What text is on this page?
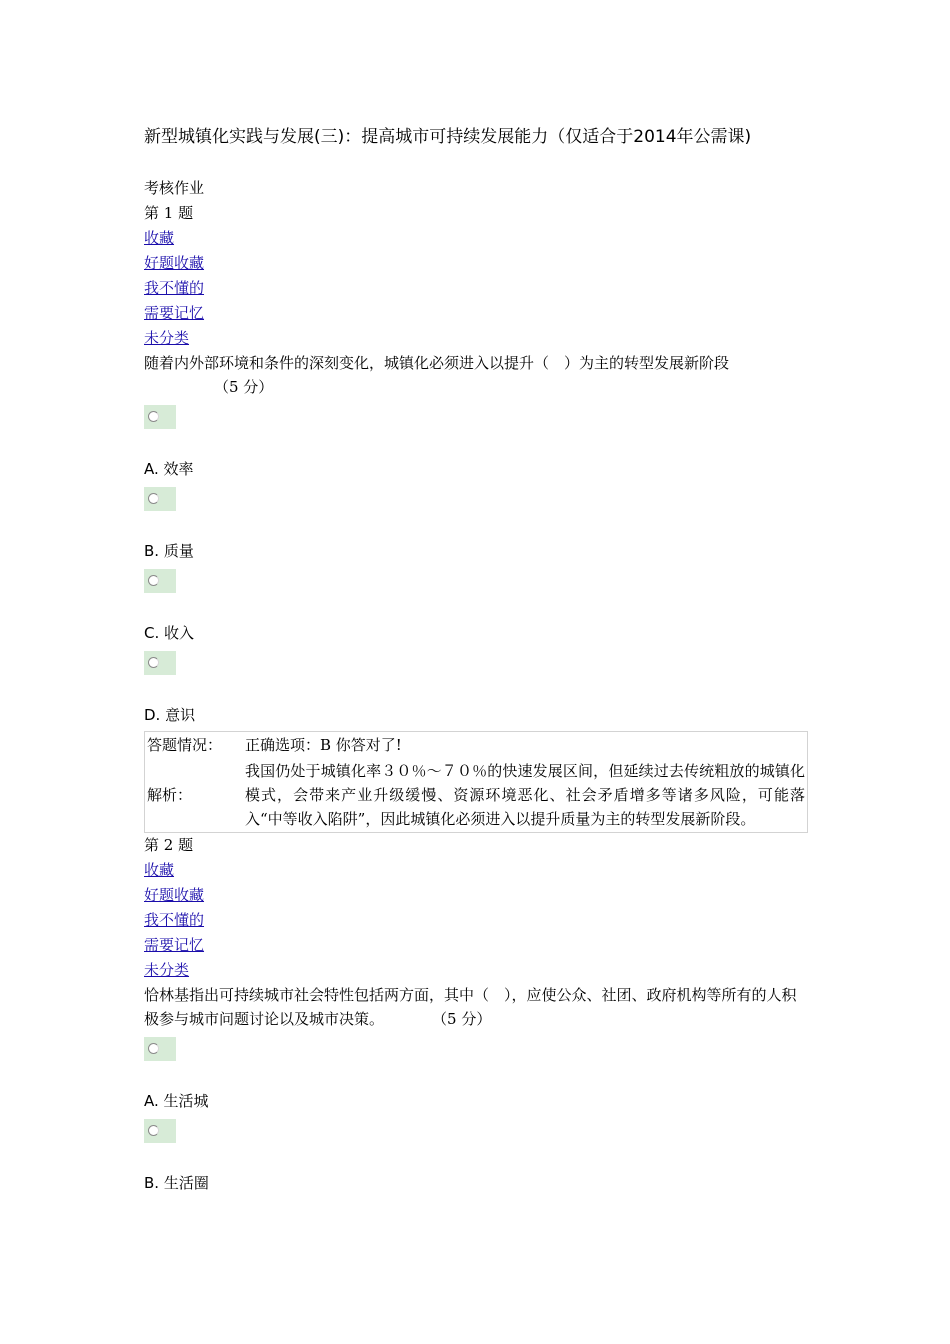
新型城镇化实践与发展(三)：提高城市可持续发展能力（仅适合于2014年公需课)
考核作业
第 1 题
收藏
好题收藏
我不懂的
需要记忆
未分类
随着内外部环境和条件的深刻变化，城镇化必须进入以提升（　）为主的转型发展新阶段
（5 分）
A. 效率
B. 质量
C. 收入
D. 意识
答题情况：	正确选项：B 你答对了!
解析：
我国仍处于城镇化率３０％～７０％的快速发展区间，但延续过去传统粗放的城镇化模式，会带来产业升级缓慢、资源环境恶化、社会矛盾增多等诸多风险，可能落入“中等收入陷阱”，因此城镇化必须进入以提升质量为主的转型发展新阶段。
第 2 题
收藏
好题收藏
我不懂的
需要记忆
未分类
恰林基指出可持续城市社会特性包括两方面，其中（　），应使公众、社团、政府机构等所有的人积极参与城市问题讨论以及城市决策。	（5 分）
A. 生活城
B. 生活圈
